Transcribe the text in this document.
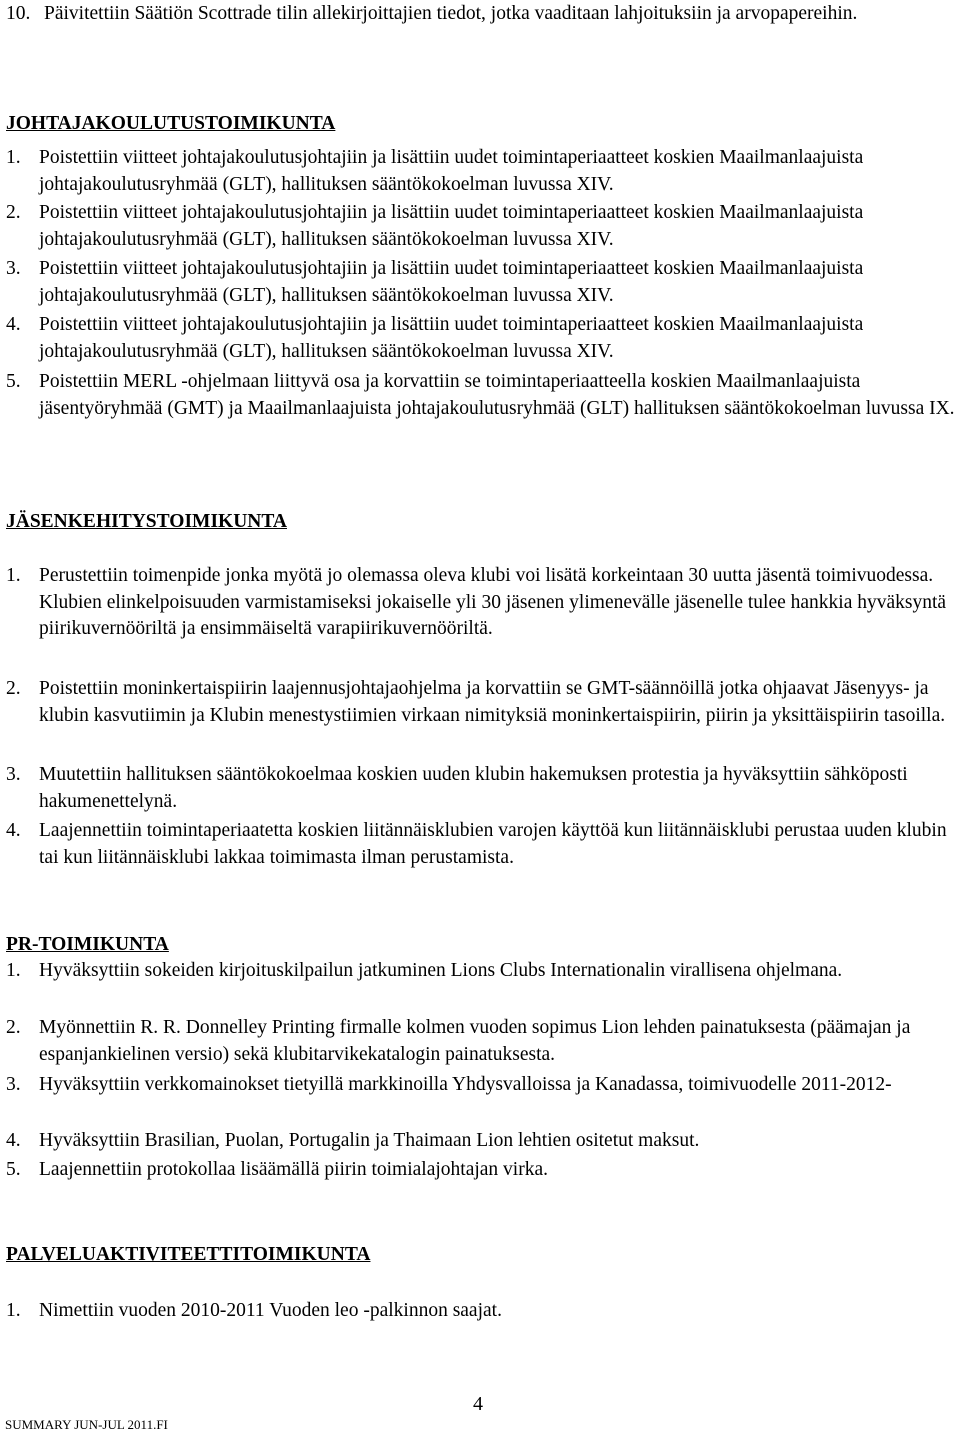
10. Päivitettiin Säätiön Scottrade tilin allekirjoittajien tiedot, jotka vaaditaan lahjoituksiin ja arvopapereihin.
JOHTAJAKOULUTUSTOIMIKUNTA
1. Poistettiin viitteet johtajakoulutusjohtajiin ja lisättiin uudet toimintaperiaatteet koskien Maailmanlaajuista johtajakoulutusryhmää (GLT), hallituksen sääntökokoelman luvussa XIV.
2. Poistettiin viitteet johtajakoulutusjohtajiin ja lisättiin uudet toimintaperiaatteet koskien Maailmanlaajuista johtajakoulutusryhmää (GLT), hallituksen sääntökokoelman luvussa XIV.
3. Poistettiin viitteet johtajakoulutusjohtajiin ja lisättiin uudet toimintaperiaatteet koskien Maailmanlaajuista johtajakoulutusryhmää (GLT), hallituksen sääntökokoelman luvussa XIV.
4. Poistettiin viitteet johtajakoulutusjohtajiin ja lisättiin uudet toimintaperiaatteet koskien Maailmanlaajuista johtajakoulutusryhmää (GLT), hallituksen sääntökokoelman luvussa XIV.
5. Poistettiin MERL -ohjelmaan liittyvä osa ja korvattiin se toimintaperiaatteella koskien Maailmanlaajuista jäsentyöryhmää (GMT) ja Maailmanlaajuista johtajakoulutusryhmää (GLT) hallituksen sääntökokoelman luvussa IX.
JÄSENKEHITYSTOIMIKUNTA
1. Perustettiin toimenpide jonka myötä jo olemassa oleva klubi voi lisätä korkeintaan 30 uutta jäsentä toimivuodessa. Klubien elinkelpoisuuden varmistamiseksi jokaiselle yli 30 jäsenen ylimenevälle jäsenelle tulee hankkia hyväksyntä piirikuvernööriltä ja ensimmäiseltä varapiirikuvernööriltä.
2. Poistettiin moninkertaispiirin laajennusjohtajaohjelma ja korvattiin se GMT-säännöillä jotka ohjaavat Jäsenyys- ja klubin kasvutiimin ja Klubin menestystiimien virkaan nimityksiä moninkertaispiirin, piirin ja yksittäispiirin tasoilla.
3. Muutettiin hallituksen sääntökokoelmaa koskien uuden klubin hakemuksen protestia ja hyväksyttiin sähköposti hakumenettelynä.
4. Laajennettiin toimintaperiaatetta koskien liitännäisklubien varojen käyttöä kun liitännäisklubi perustaa uuden klubin tai kun liitännäisklubi lakkaa toimimasta ilman perustamista.
PR-TOIMIKUNTA
1. Hyväksyttiin sokeiden kirjoituskilpailun jatkuminen Lions Clubs Internationalin virallisena ohjelmana.
2. Myönnettiin R. R. Donnelley Printing firmalle kolmen vuoden sopimus Lion lehden painatuksesta (päämajan ja espanjankielinen versio) sekä klubitarvikekatalogin painatuksesta.
3. Hyväksyttiin verkkomainokset tietyillä markkinoilla Yhdysvalloissa ja Kanadassa, toimivuodelle 2011-2012-
4. Hyväksyttiin Brasilian, Puolan, Portugalin ja Thaimaan Lion lehtien ositetut maksut.
5. Laajennettiin protokollaa lisäämällä piirin toimialajohtajan virka.
PALVELUAKTIVITEETTITOIMIKUNTA
1. Nimettiin vuoden 2010-2011 Vuoden leo -palkinnon saajat.
4
SUMMARY JUN-JUL 2011.FI
